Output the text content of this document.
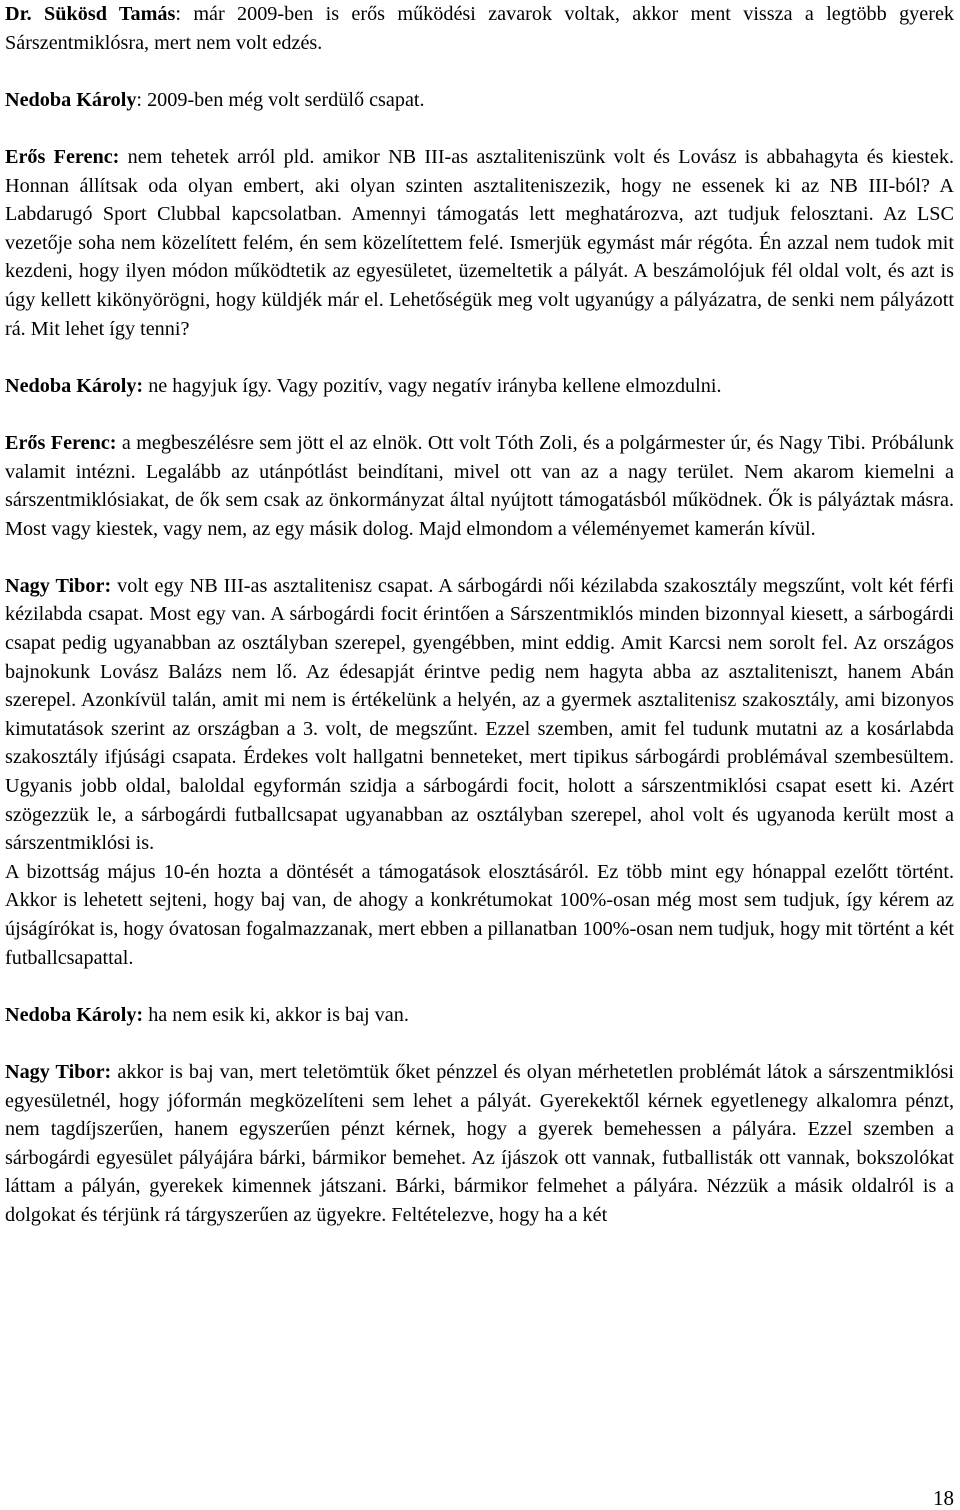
Dr. Sükösd Tamás: már 2009-ben is erős működési zavarok voltak, akkor ment vissza a legtöbb gyerek Sárszentmiklósra, mert nem volt edzés.

Nedoba Károly: 2009-ben még volt serdülő csapat.

Erős Ferenc: nem tehetek arról pld. amikor NB III-as asztaliteniszünk volt és Lovász is abbahagyta és kiestek. Honnan állítsak oda olyan embert, aki olyan szinten asztaliteniszezik, hogy ne essenek ki az NB III-ból? A Labdarugó Sport Clubbal kapcsolatban. Amennyi támogatás lett meghatározva, azt tudjuk felosztani. Az LSC vezetője soha nem közelített felém, én sem közelítettem felé. Ismerjük egymást már régóta. Én azzal nem tudok mit kezdeni, hogy ilyen módon működtetik az egyesületet, üzemeltetik a pályát. A beszámolójuk fél oldal volt, és azt is úgy kellett kikönyörögni, hogy küldjék már el. Lehetőségük meg volt ugyanúgy a pályázatra, de senki nem pályázott rá. Mit lehet így tenni?

Nedoba Károly: ne hagyjuk így. Vagy pozitív, vagy negatív irányba kellene elmozdulni.

Erős Ferenc: a megbeszélésre sem jött el az elnök. Ott volt Tóth Zoli, és a polgármester úr, és Nagy Tibi. Próbálunk valamit intézni. Legalább az utánpótlást beindítani, mivel ott van az a nagy terület. Nem akarom kiemelni a sárszentmiklósiakat, de ők sem csak az önkormányzat által nyújtott támogatásból működnek. Ők is pályáztak másra. Most vagy kiestek, vagy nem, az egy másik dolog. Majd elmondom a véleményemet kamerán kívül.

Nagy Tibor: volt egy NB III-as asztalitenisz csapat. A sárbogárdi női kézilabda szakosztály megszűnt, volt két férfi kézilabda csapat. Most egy van. A sárbogárdi focit érintően a Sárszentmiklós minden bizonnyal kiesett, a sárbogárdi csapat pedig ugyanabban az osztályban szerepel, gyengébben, mint eddig. Amit Karcsi nem sorolt fel. Az országos bajnokunk Lovász Balázs nem lő. Az édesapját érintve pedig nem hagyta abba az asztaliteniszt, hanem Abán szerepel. Azonkívül talán, amit mi nem is értékelünk a helyén, az a gyermek asztalitenisz szakosztály, ami bizonyos kimutatások szerint az országban a 3. volt, de megszűnt. Ezzel szemben, amit fel tudunk mutatni az a kosárlabda szakosztály ifjúsági csapata. Érdekes volt hallgatni benneteket, mert tipikus sárbogárdi problémával szembesültem. Ugyanis jobb oldal, baloldal egyformán szidja a sárbogárdi focit, holott a sárszentmiklósi csapat esett ki. Azért szögezzük le, a sárbogárdi futballcsapat ugyanabban az osztályban szerepel, ahol volt és ugyanoda került most a sárszentmiklósi is.

A bizottság május 10-én hozta a döntését a támogatások elosztásáról. Ez több mint egy hónappal ezelőtt történt. Akkor is lehetett sejteni, hogy baj van, de ahogy a konkrétumokat 100%-osan még most sem tudjuk, így kérem az újságírókat is, hogy óvatosan fogalmazzanak, mert ebben a pillanatban 100%-osan nem tudjuk, hogy mit történt a két futballcsapattal.

Nedoba Károly: ha nem esik ki, akkor is baj van.

Nagy Tibor: akkor is baj van, mert teletömtük őket pénzzel és olyan mérhetetlen problémát látok a sárszentmiklósi egyesületnél, hogy jóformán megközelíteni sem lehet a pályát. Gyerekektől kérnek egyetlenegy alkalomra pénzt, nem tagdíjszerűen, hanem egyszerűen pénzt kérnek, hogy a gyerek bemehessen a pályára. Ezzel szemben a sárbogárdi egyesület pályájára bárki, bármikor bemehet. Az íjászok ott vannak, futballisták ott vannak, bokszolókat láttam a pályán, gyerekek kimennek játszani. Bárki, bármikor felmehet a pályára. Nézzük a másik oldalról is a dolgokat és térjünk rá tárgyszerűen az ügyekre. Feltételezve, hogy ha a két

18
